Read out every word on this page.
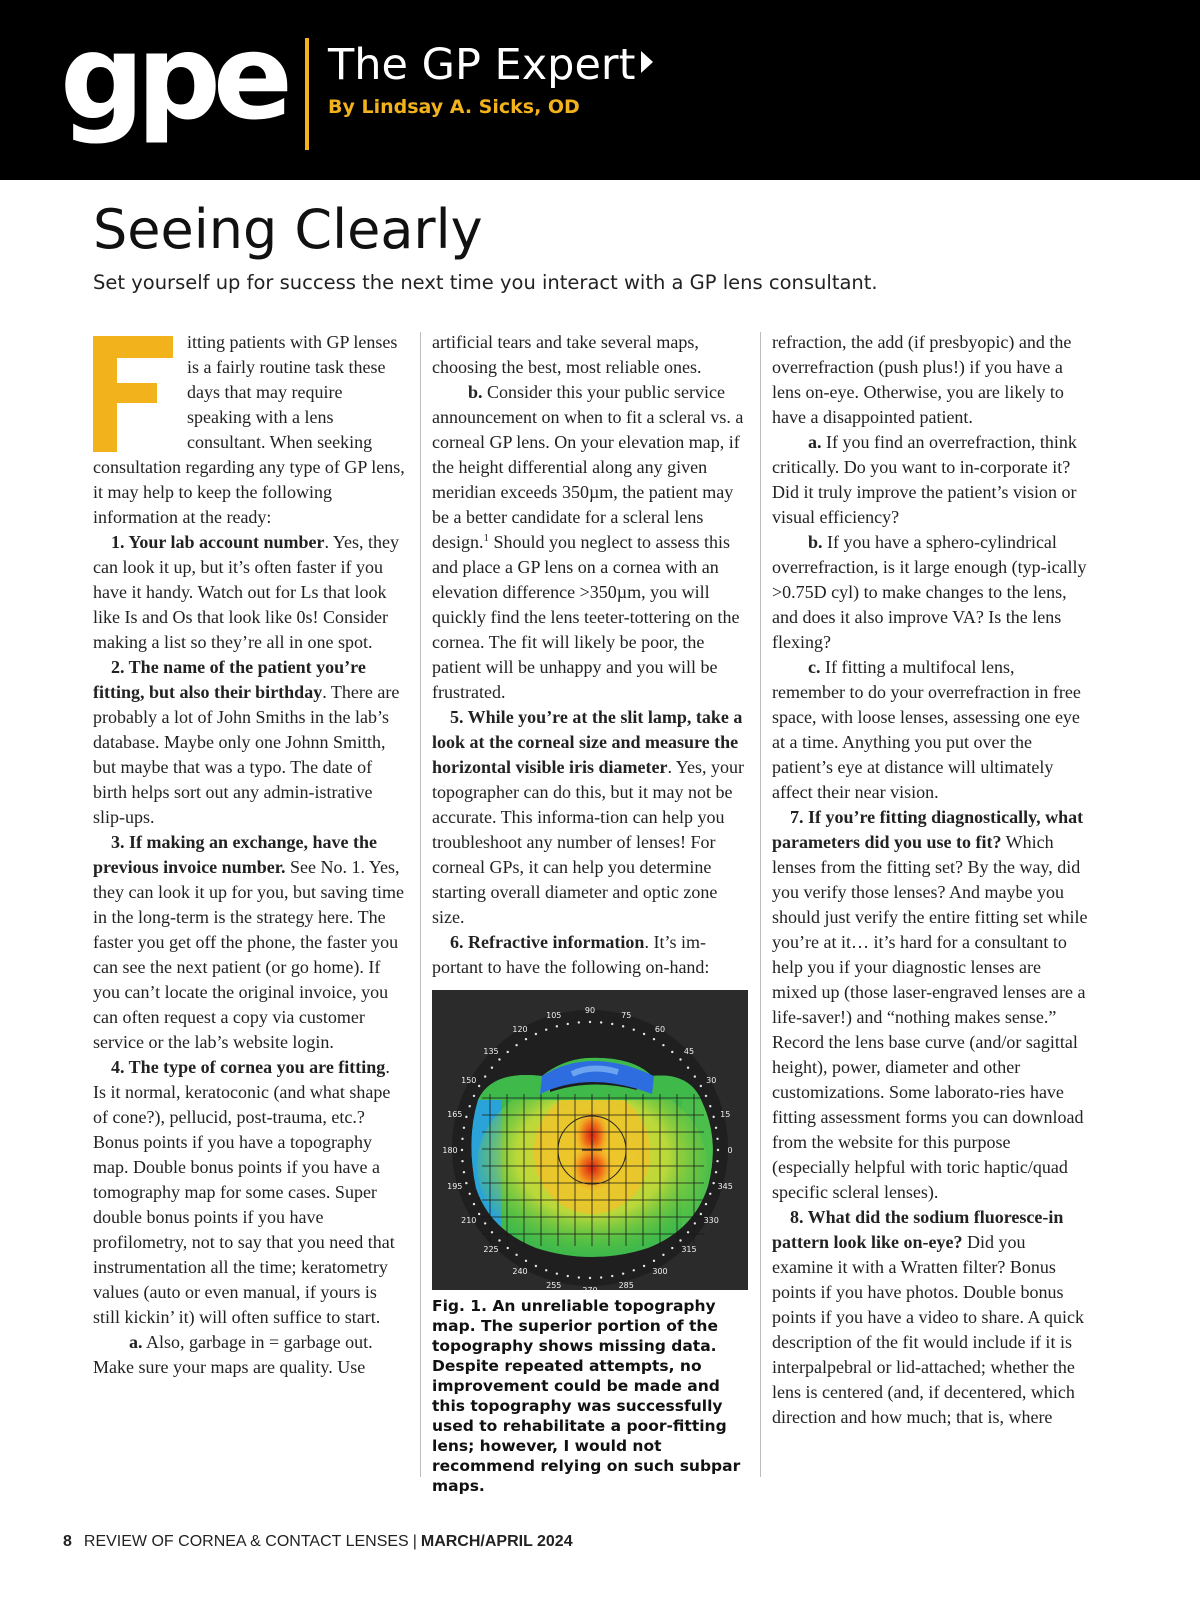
gpe The GP Expert
By Lindsay A. Sicks, OD
Seeing Clearly

Set yourself up for success the next time you interact with a GP lens consultant.

itting patients with GP lenses is a fairly routine task these days that may require speaking with a lens consultant. When seeking consultation regarding any type of GP lens, it may help to keep the following information at the ready:

1. Your lab account number. Yes, they can look it up, but it’s often faster if you have it handy. Watch out for Ls that look like Is and Os that look like 0s! Consider making a list so they’re all in one spot.

2. The name of the patient you’re fitting, but also their birthday. There are probably a lot of John Smiths in the lab’s database. Maybe only one Johnn Smitth, but maybe that was a typo. The date of birth helps sort out any admin-istrative slip-ups.

3. If making an exchange, have the previous invoice number. See No. 1. Yes, they can look it up for you, but saving time in the long-term is the strategy here. The faster you get off the phone, the faster you can see the next patient (or go home). If you can’t locate the original invoice, you can often request a copy via customer service or the lab’s website login.

4. The type of cornea you are fitting. Is it normal, keratoconic (and what shape of cone?), pellucid, post-trauma, etc.? Bonus points if you have a topography map. Double bonus points if you have a tomography map for some cases. Super double bonus points if you have profilometry, not to say that you need that instrumentation all the time; keratometry values (auto or even manual, if yours is still kickin’ it) will often suffice to start.

a. Also, garbage in = garbage out. Make sure your maps are quality. Use

artificial tears and take several maps, choosing the best, most reliable ones.

b. Consider this your public service announcement on when to fit a scleral vs. a corneal GP lens. On your elevation map, if the height differential along any given meridian exceeds 350µm, the patient may be a better candidate for a scleral lens design.$^1$ Should you neglect to assess this and place a GP lens on a cornea with an elevation difference >350µm, you will quickly find the lens teeter-tottering on the cornea. The fit will likely be poor, the patient will be unhappy and you will be frustrated.

5. While you’re at the slit lamp, take a look at the corneal size and measure the horizontal visible iris diameter. Yes, your topographer can do this, but it may not be accurate. This informa-tion can help you troubleshoot any number of lenses! For corneal GPs, it can help you determine starting overall diameter and optic zone size.

6. Refractive information. It’s im-portant to have the following on-hand:

0
15
30
45
60
75
90
105
120
135
150
165
180
195
210
225
240
255
270
285
300
315
330
345
Fig. 1. An unreliable topography map. The superior portion of the topography shows missing data. Despite repeated attempts, no improvement could be made and this topography was successfully used to rehabilitate a poor-fitting lens; however, I would not recommend relying on such subpar maps.

refraction, the add (if presbyopic) and the overrefraction (push plus!) if you have a lens on-eye. Otherwise, you are likely to have a disappointed patient.

a. If you find an overrefraction, think critically. Do you want to in-corporate it? Did it truly improve the patient’s vision or visual efficiency?

b. If you have a sphero-cylindrical overrefraction, is it large enough (typ-ically >0.75D cyl) to make changes to the lens, and does it also improve VA? Is the lens flexing?

c. If fitting a multifocal lens, remember to do your overrefraction in free space, with loose lenses, assessing one eye at a time. Anything you put over the patient’s eye at distance will ultimately affect their near vision.

7. If you’re fitting diagnostically, what parameters did you use to fit? Which lenses from the fitting set? By the way, did you verify those lenses? And maybe you should just verify the entire fitting set while you’re at it… it’s hard for a consultant to help you if your diagnostic lenses are mixed up (those laser-engraved lenses are a life-saver!) and “nothing makes sense.” Record the lens base curve (and/or sagittal height), power, diameter and other customizations. Some laborato-ries have fitting assessment forms you can download from the website for this purpose (especially helpful with toric haptic/quad specific scleral lenses).

8. What did the sodium fluoresce-in pattern look like on-eye? Did you examine it with a Wratten filter? Bonus points if you have photos. Double bonus points if you have a video to share. A quick description of the fit would include if it is interpalpebral or lid-attached; whether the lens is centered (and, if decentered, which direction and how much; that is, where

8 REVIEW OF CORNEA & CONTACT LENSES | MARCH/APRIL 2024
